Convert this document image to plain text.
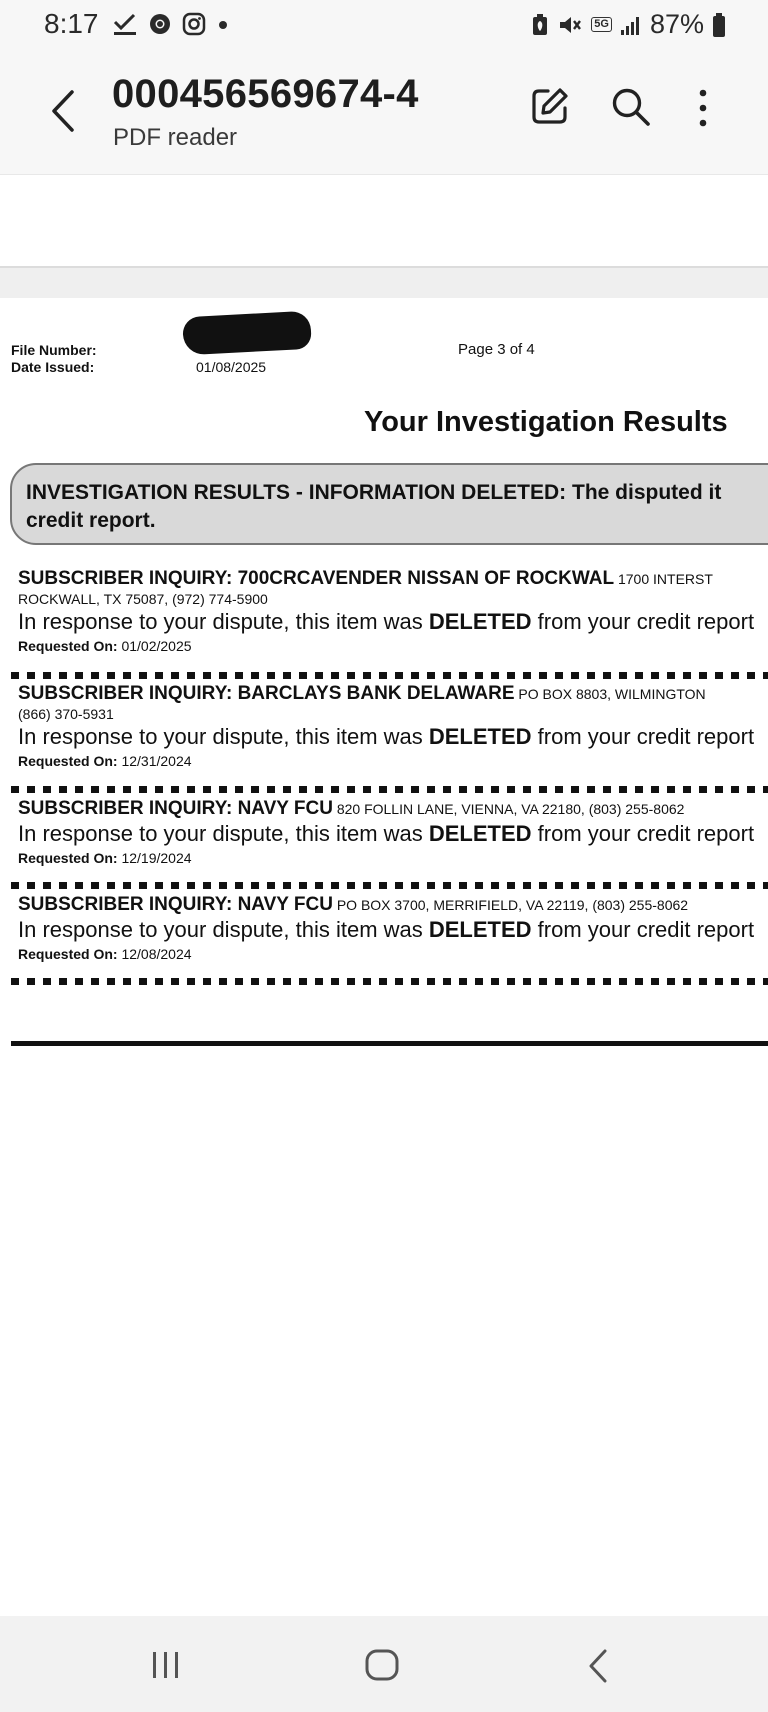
8:17	5G 87%
000456569674-4
PDF reader
File Number:
Date Issued:	01/08/2025
Page 3 of 4
Your Investigation Results
INVESTIGATION RESULTS - INFORMATION DELETED: The disputed it
credit report.
SUBSCRIBER INQUIRY: 700CRCAVENDER NISSAN OF ROCKWAL 1700 INTERST
ROCKWALL, TX 75087, (972) 774-5900
In response to your dispute, this item was DELETED from your credit report
Requested On: 01/02/2025
SUBSCRIBER INQUIRY: BARCLAYS BANK DELAWARE PO BOX 8803, WILMINGTON
(866) 370-5931
In response to your dispute, this item was DELETED from your credit report
Requested On: 12/31/2024
SUBSCRIBER INQUIRY: NAVY FCU 820 FOLLIN LANE, VIENNA, VA 22180, (803) 255-8062
In response to your dispute, this item was DELETED from your credit report
Requested On: 12/19/2024
SUBSCRIBER INQUIRY: NAVY FCU PO BOX 3700, MERRIFIELD, VA 22119, (803) 255-8062
In response to your dispute, this item was DELETED from your credit report
Requested On: 12/08/2024
